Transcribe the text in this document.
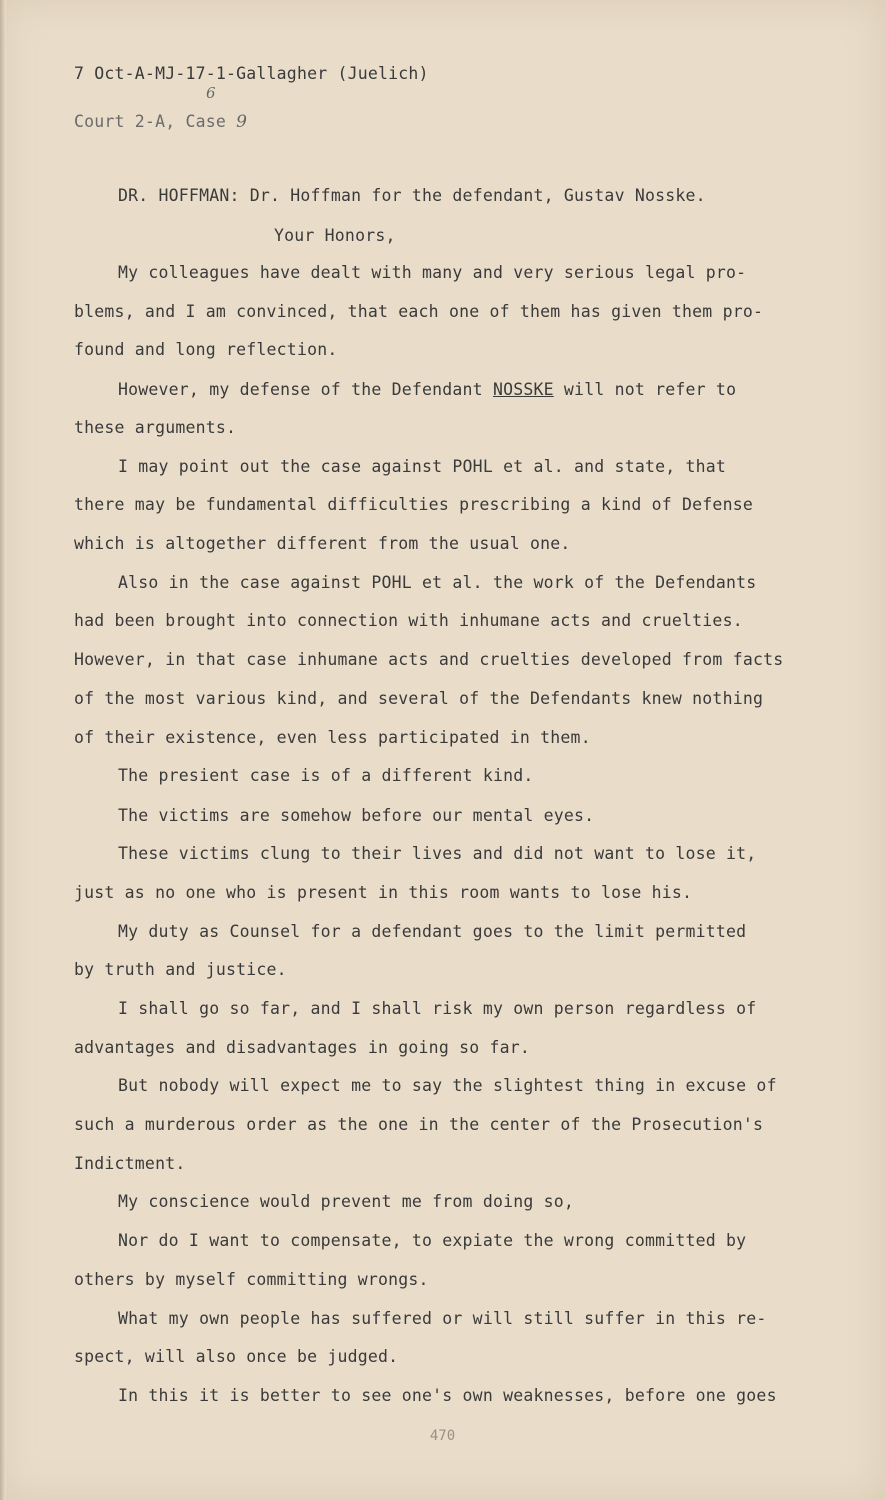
7 Oct-A-MJ-17-1-Gallagher (Juelich)
6
Court 2-A, Case 9
DR. HOFFMAN: Dr. Hoffman for the defendant, Gustav Nosske.
Your Honors,
My colleagues have dealt with many and very serious legal pro-
blems, and I am convinced, that each one of them has given them pro-
found and long reflection.
However, my defense of the Defendant NOSSKE will not refer to
these arguments.
I may point out the case against POHL et al. and state, that
there may be fundamental difficulties prescribing a kind of Defense
which is altogether different from the usual one.
Also in the case against POHL et al. the work of the Defendants
had been brought into connection with inhumane acts and cruelties.
However, in that case inhumane acts and cruelties developed from facts
of the most various kind, and several of the Defendants knew nothing
of their existence, even less participated in them.
The presient case is of a different kind.
The victims are somehow before our mental eyes.
These victims clung to their lives and did not want to lose it,
just as no one who is present in this room wants to lose his.
My duty as Counsel for a defendant goes to the limit permitted
by truth and justice.
I shall go so far, and I shall risk my own person regardless of
advantages and disadvantages in going so far.
But nobody will expect me to say the slightest thing in excuse of
such a murderous order as the one in the center of the Prosecution's
Indictment.
My conscience would prevent me from doing so,
Nor do I want to compensate, to expiate the wrong committed by
others by myself committing wrongs.
What my own people has suffered or will still suffer in this re-
spect, will also once be judged.
In this it is better to see one's own weaknesses, before one goes
470
